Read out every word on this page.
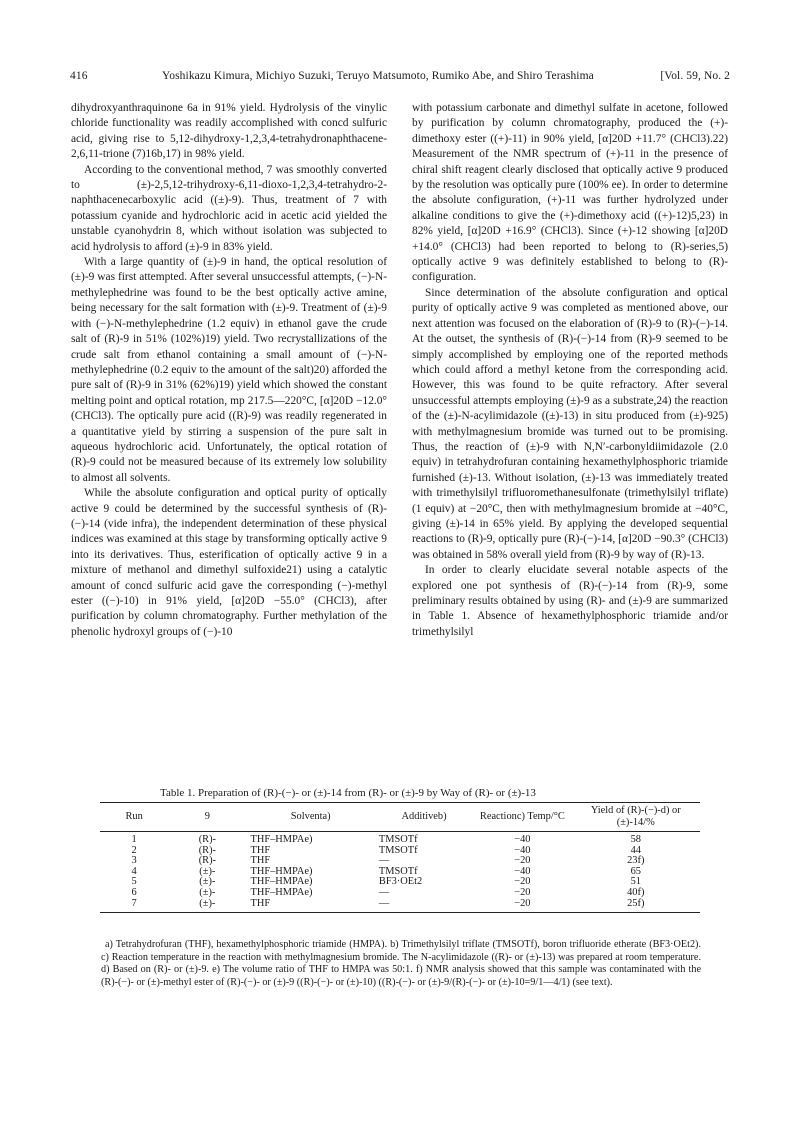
416	Yoshikazu Kimura, Michiyo Suzuki, Teruyo Matsumoto, Rumiko Abe, and Shiro Terashima	[Vol. 59, No. 2

dihydroxyanthraquinone 6a in 91% yield. Hydrolysis of the vinylic chloride functionality was readily accomplished with concd sulfuric acid, giving rise to 5,12-dihydroxy-1,2,3,4-tetrahydronaphthacene-2,6,11-trione (7)16b,17) in 98% yield.

According to the conventional method, 7 was smoothly converted to (±)-2,5,12-trihydroxy-6,11-dioxo-1,2,3,4-tetrahydro-2-naphthacenecarboxylic acid ((±)-9). Thus, treatment of 7 with potassium cyanide and hydrochloric acid in acetic acid yielded the unstable cyanohydrin 8, which without isolation was subjected to acid hydrolysis to afford (±)-9 in 83% yield.

With a large quantity of (±)-9 in hand, the optical resolution of (±)-9 was first attempted. After several unsuccessful attempts, (−)-N-methylephedrine was found to be the best optically active amine, being necessary for the salt formation with (±)-9. Treatment of (±)-9 with (−)-N-methylephedrine (1.2 equiv) in ethanol gave the crude salt of (R)-9 in 51% (102%)19) yield. Two recrystallizations of the crude salt from ethanol containing a small amount of (−)-N-methylephedrine (0.2 equiv to the amount of the salt)20) afforded the pure salt of (R)-9 in 31% (62%)19) yield which showed the constant melting point and optical rotation, mp 217.5—220°C, [α]20D −12.0° (CHCl3). The optically pure acid ((R)-9) was readily regenerated in a quantitative yield by stirring a suspension of the pure salt in aqueous hydrochloric acid. Unfortunately, the optical rotation of (R)-9 could not be measured because of its extremely low solubility to almost all solvents.

While the absolute configuration and optical purity of optically active 9 could be determined by the successful synthesis of (R)-(−)-14 (vide infra), the independent determination of these physical indices was examined at this stage by transforming optically active 9 into its derivatives. Thus, esterification of optically active 9 in a mixture of methanol and dimethyl sulfoxide21) using a catalytic amount of concd sulfuric acid gave the corresponding (−)-methyl ester ((−)-10) in 91% yield, [α]20D −55.0° (CHCl3), after purification by column chromatography. Further methylation of the phenolic hydroxyl groups of (−)-10

with potassium carbonate and dimethyl sulfate in acetone, followed by purification by column chromatography, produced the (+)-dimethoxy ester ((+)-11) in 90% yield, [α]20D +11.7° (CHCl3).22) Measurement of the NMR spectrum of (+)-11 in the presence of chiral shift reagent clearly disclosed that optically active 9 produced by the resolution was optically pure (100% ee). In order to determine the absolute configuration, (+)-11 was further hydrolyzed under alkaline conditions to give the (+)-dimethoxy acid ((+)-12)5,23) in 82% yield, [α]20D +16.9° (CHCl3). Since (+)-12 showing [α]20D +14.0° (CHCl3) had been reported to belong to (R)-series,5) optically active 9 was definitely established to belong to (R)-configuration.

Since determination of the absolute configuration and optical purity of optically active 9 was completed as mentioned above, our next attention was focused on the elaboration of (R)-9 to (R)-(−)-14. At the outset, the synthesis of (R)-(−)-14 from (R)-9 seemed to be simply accomplished by employing one of the reported methods which could afford a methyl ketone from the corresponding acid. However, this was found to be quite refractory. After several unsuccessful attempts employing (±)-9 as a substrate,24) the reaction of the (±)-N-acylimidazole ((±)-13) in situ produced from (±)-925) with methylmagnesium bromide was turned out to be promising. Thus, the reaction of (±)-9 with N,N′-carbonyldiimidazole (2.0 equiv) in tetrahydrofuran containing hexamethylphosphoric triamide furnished (±)-13. Without isolation, (±)-13 was immediately treated with trimethylsilyl trifluoromethanesulfonate (trimethylsilyl triflate) (1 equiv) at −20°C, then with methylmagnesium bromide at −40°C, giving (±)-14 in 65% yield. By applying the developed sequential reactions to (R)-9, optically pure (R)-(−)-14, [α]20D −90.3° (CHCl3) was obtained in 58% overall yield from (R)-9 by way of (R)-13.

In order to clearly elucidate several notable aspects of the explored one pot synthesis of (R)-(−)-14 from (R)-9, some preliminary results obtained by using (R)- and (±)-9 are summarized in Table 1. Absence of hexamethylphosphoric triamide and/or trimethylsilyl

Table 1. Preparation of (R)-(−)- or (±)-14 from (R)- or (±)-9 by Way of (R)- or (±)-13
Run	9	Solventa)	Additiveb)	Reactionc) Temp/°C	Yield of (R)-(−)-d) or (±)-14/%
1	(R)-	THF–HMPAe)	TMSOTf	−40	58
2	(R)-	THF	TMSOTf	−40	44
3	(R)-	THF	—	−20	23f)
4	(±)-	THF–HMPAe)	TMSOTf	−40	65
5	(±)-	THF–HMPAe)	BF3·OEt2	−20	51
6	(±)-	THF–HMPAe)	—	−20	40f)
7	(±)-	THF	—	−20	25f)

a) Tetrahydrofuran (THF), hexamethylphosphoric triamide (HMPA). b) Trimethylsilyl triflate (TMSOTf), boron trifluoride etherate (BF3·OEt2). c) Reaction temperature in the reaction with methylmagnesium bromide. The N-acylimidazole ((R)- or (±)-13) was prepared at room temperature. d) Based on (R)- or (±)-9. e) The volume ratio of THF to HMPA was 50:1. f) NMR analysis showed that this sample was contaminated with the (R)-(−)- or (±)-methyl ester of (R)-(−)- or (±)-9 ((R)-(−)- or (±)-10) ((R)-(−)- or (±)-9/(R)-(−)- or (±)-10=9/1—4/1) (see text).
